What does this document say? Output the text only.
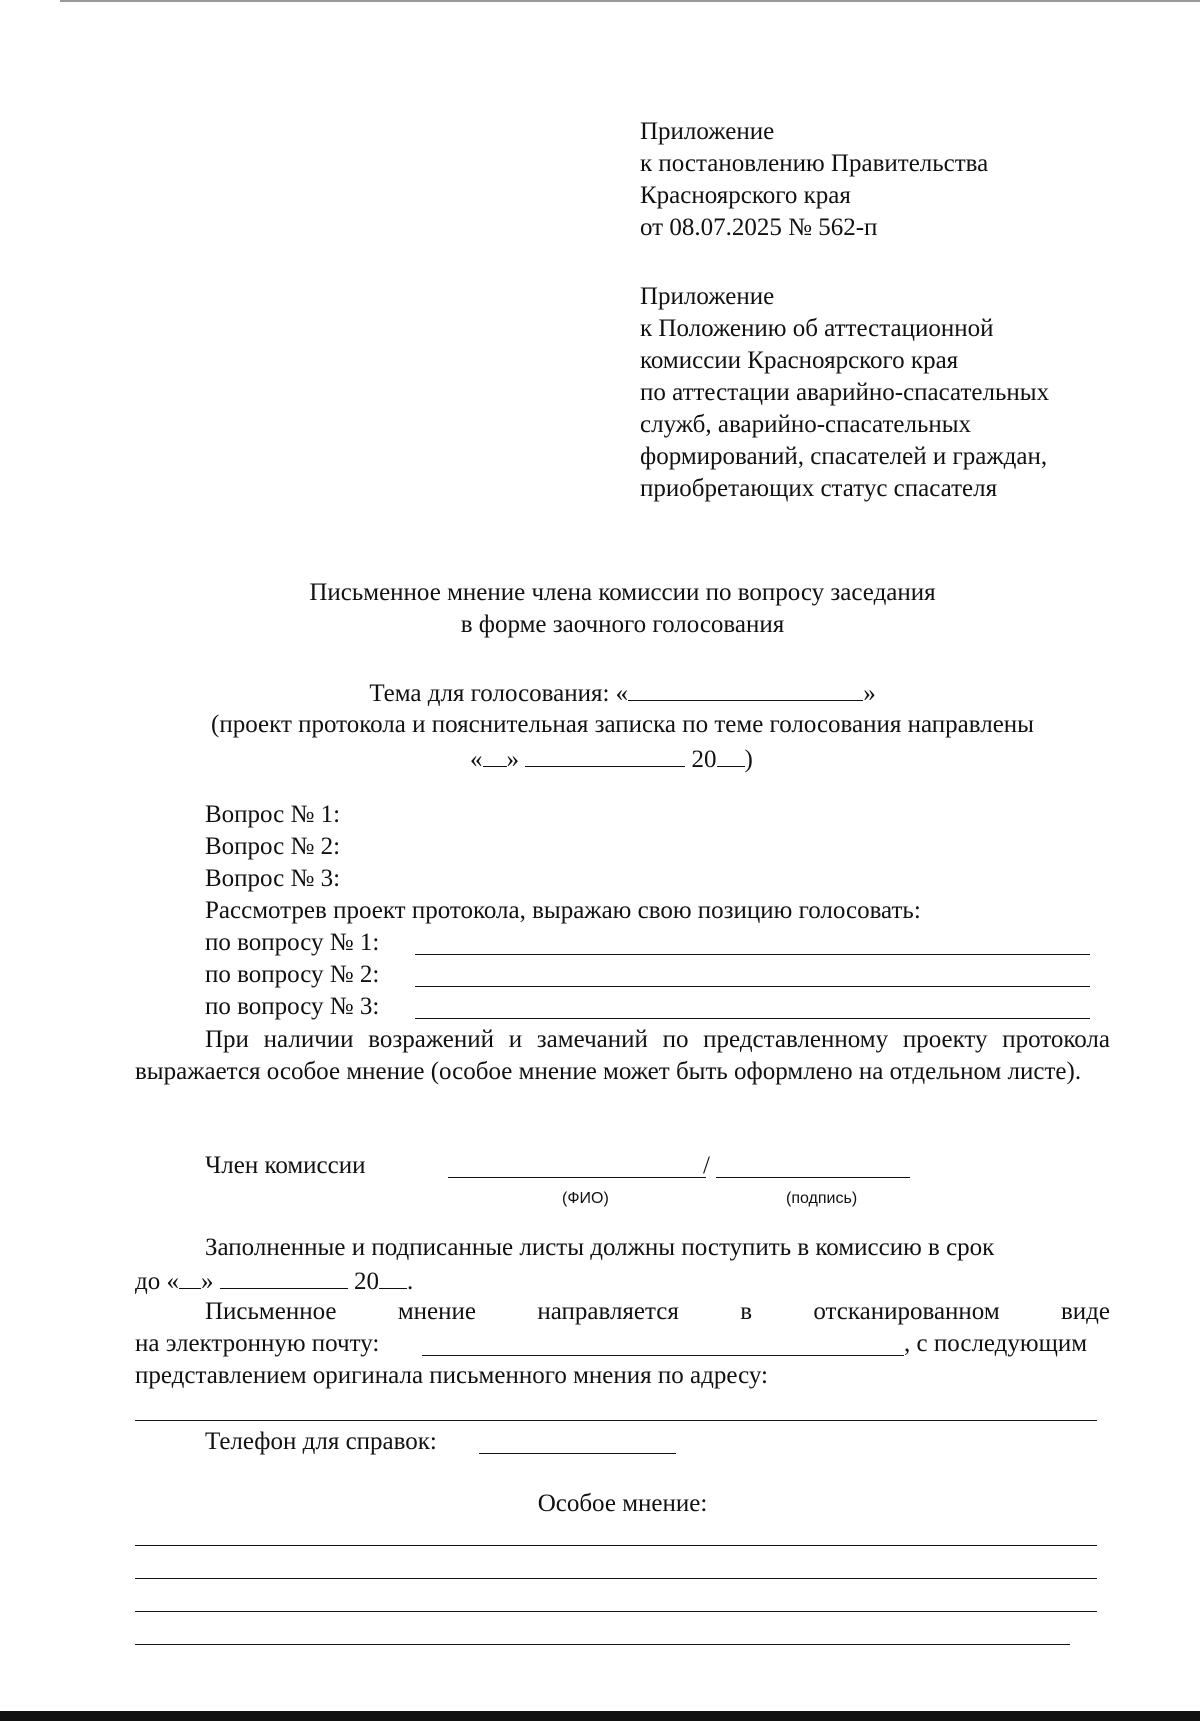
Приложение
к постановлению Правительства
Красноярского края
от 08.07.2025 № 562-п
Приложение
к Положению об аттестационной
комиссии Красноярского края
по аттестации аварийно-спасательных
служб, аварийно-спасательных
формирований, спасателей и граждан,
приобретающих статус спасателя
Письменное мнение члена комиссии по вопросу заседания
в форме заочного голосования
Тема для голосования: «	»
(проект протокола и пояснительная записка по теме голосования направлены
« »	20 )
Вопрос № 1:
Вопрос № 2:
Вопрос № 3:
Рассмотрев проект протокола, выражаю свою позицию голосовать:
по вопросу № 1:
по вопросу № 2:
по вопросу № 3:
При наличии возражений и замечаний по представленному проекту протокола выражается особое мнение (особое мнение может быть оформлено на отдельном листе).
Член комиссии	/
(ФИО)	(подпись)
Заполненные и подписанные листы должны поступить в комиссию в срок
до « »	20 .
Письменное мнение направляется в отсканированном виде
на электронную почту:	, с последующим
представлением оригинала письменного мнения по адресу:
Телефон для справок:
Особое мнение:
